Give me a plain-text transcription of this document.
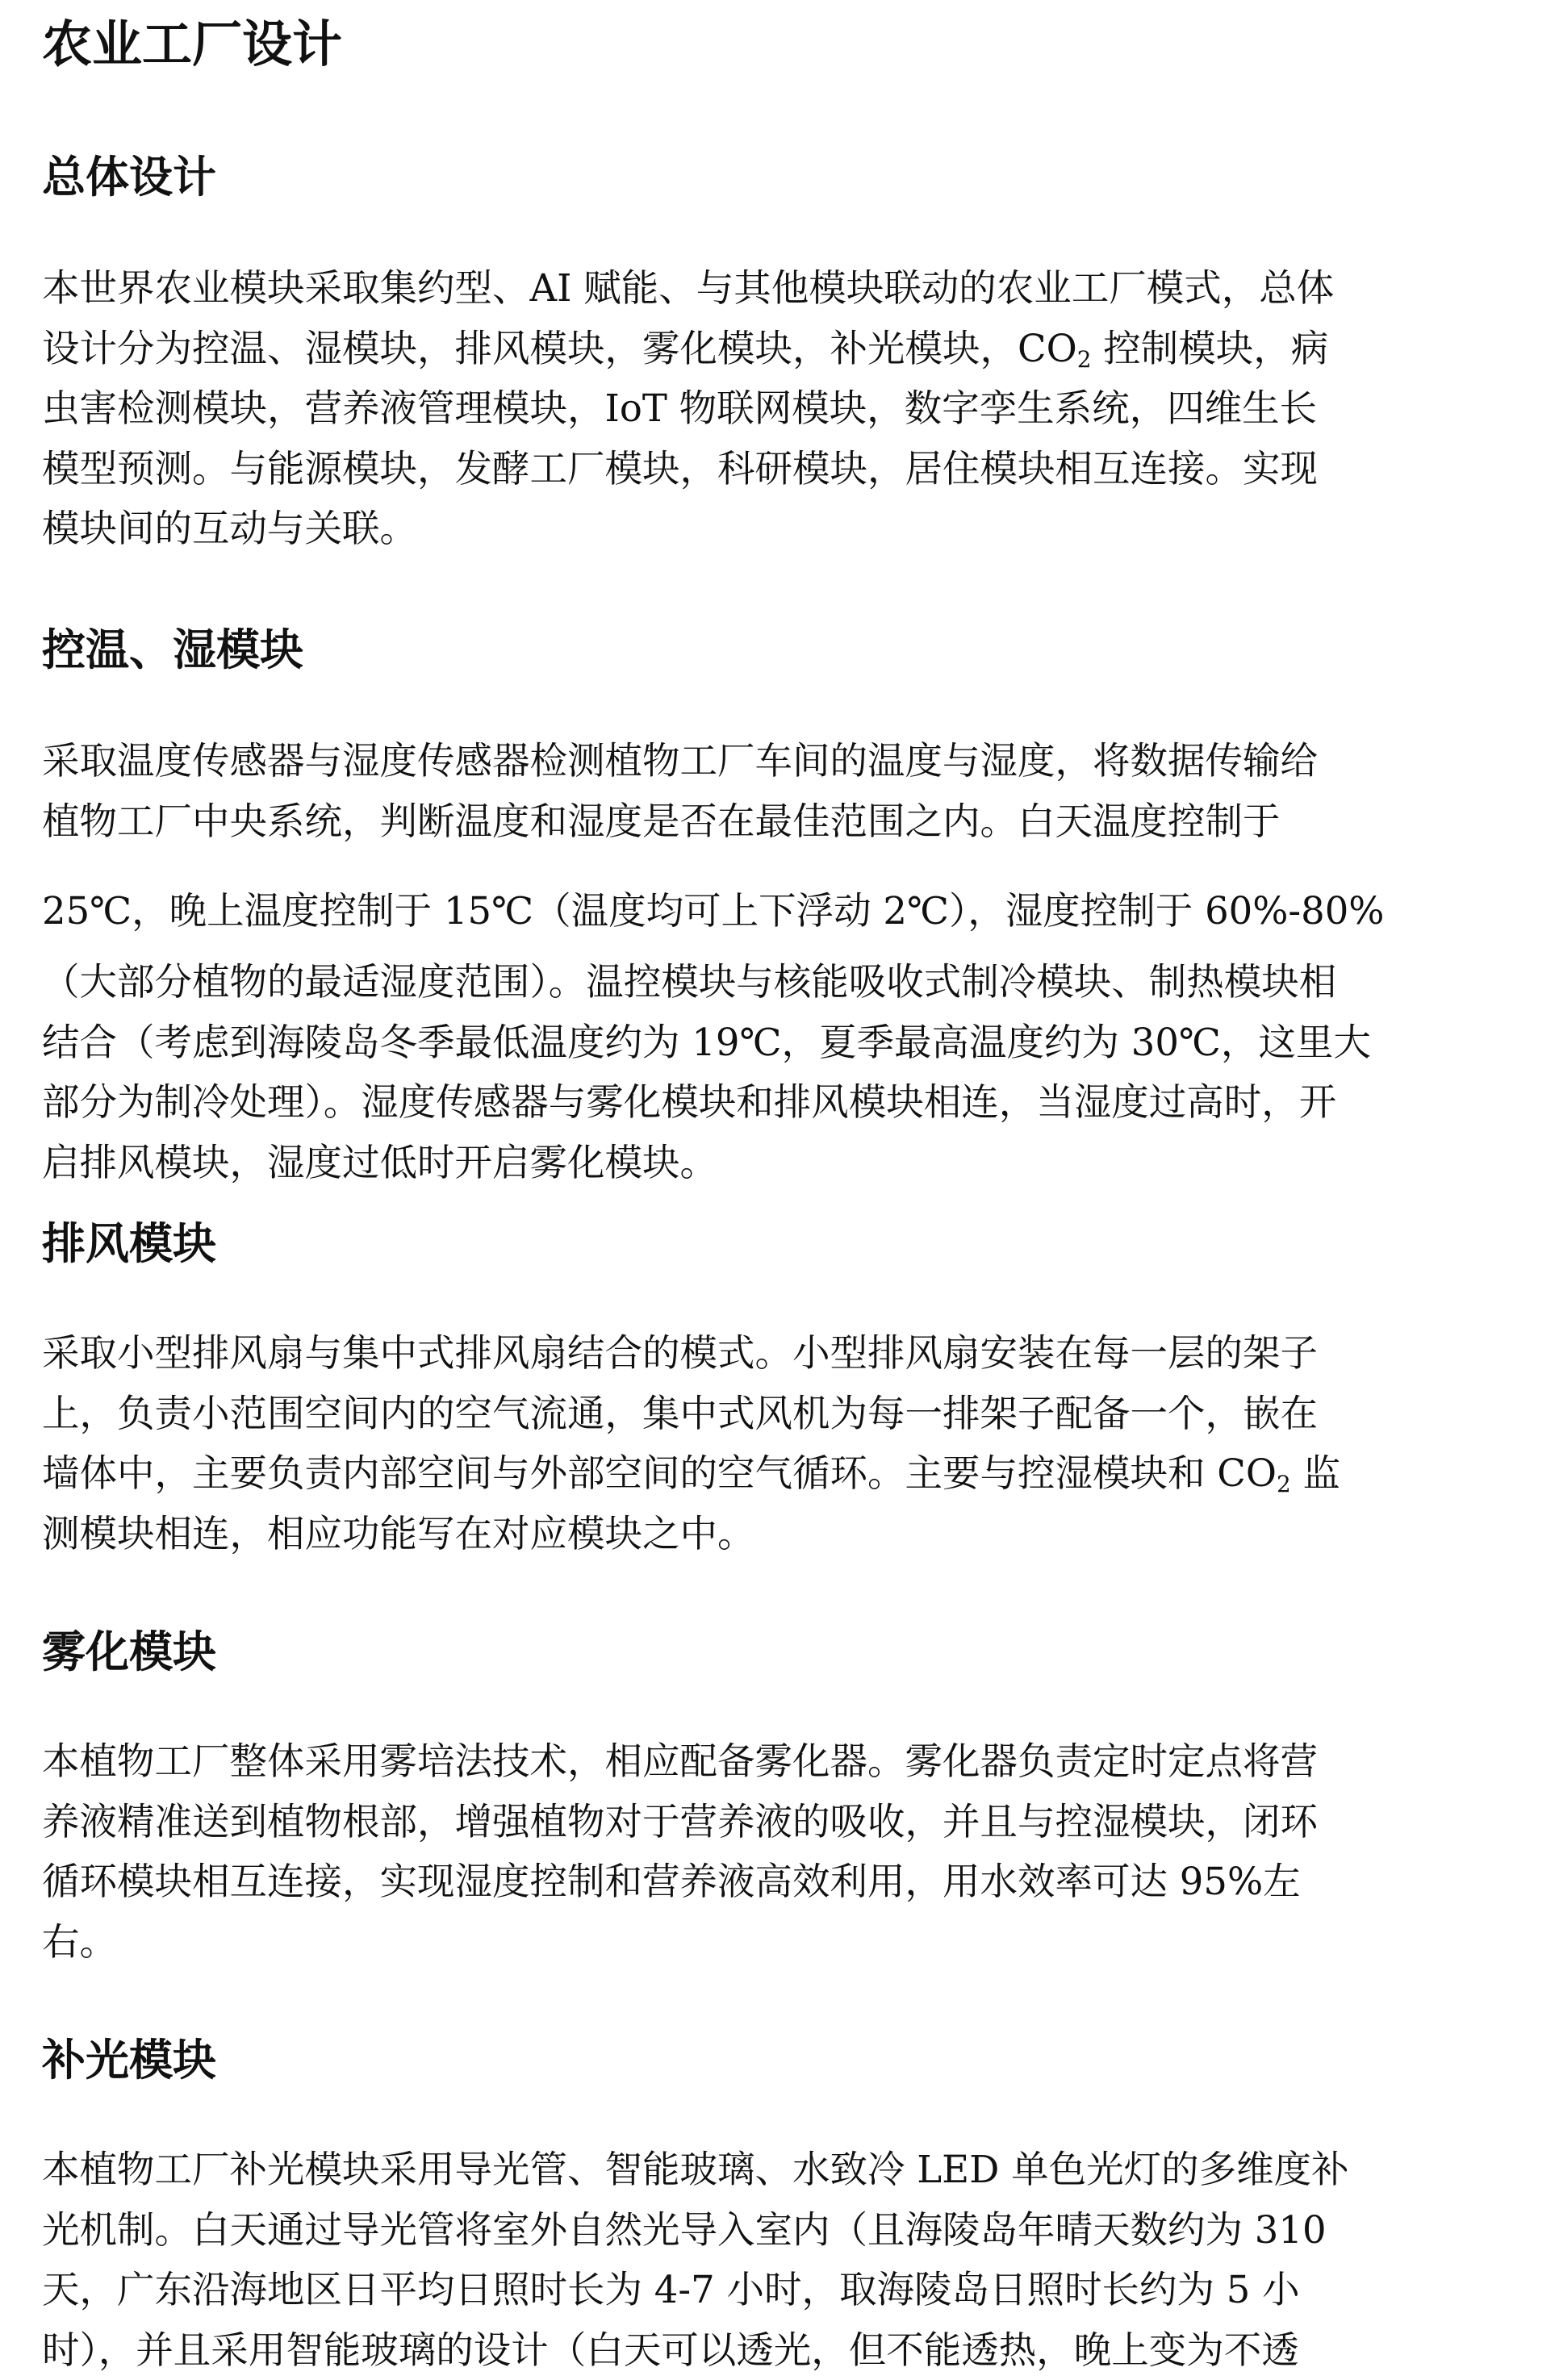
农业工厂设计
总体设计
本世界农业模块采取集约型、AI 赋能、与其他模块联动的农业工厂模式，总体
设计分为控温、湿模块，排风模块，雾化模块，补光模块，$CO_2$ 控制模块，病
虫害检测模块，营养液管理模块，IoT 物联网模块，数字孪生系统，四维生长
模型预测。与能源模块，发酵工厂模块，科研模块，居住模块相互连接。实现
模块间的互动与关联。
控温、湿模块
采取温度传感器与湿度传感器检测植物工厂车间的温度与湿度，将数据传输给
植物工厂中央系统，判断温度和湿度是否在最佳范围之内。白天温度控制于
25℃，晚上温度控制于 15℃（温度均可上下浮动 2℃），湿度控制于 60%-80%
（大部分植物的最适湿度范围）。温控模块与核能吸收式制冷模块、制热模块相
结合（考虑到海陵岛冬季最低温度约为 19℃，夏季最高温度约为 30℃，这里大
部分为制冷处理）。湿度传感器与雾化模块和排风模块相连，当湿度过高时，开
启排风模块，湿度过低时开启雾化模块。
排风模块
采取小型排风扇与集中式排风扇结合的模式。小型排风扇安装在每一层的架子
上，负责小范围空间内的空气流通，集中式风机为每一排架子配备一个，嵌在
墙体中，主要负责内部空间与外部空间的空气循环。主要与控湿模块和 $CO_2$ 监
测模块相连，相应功能写在对应模块之中。
雾化模块
本植物工厂整体采用雾培法技术，相应配备雾化器。雾化器负责定时定点将营
养液精准送到植物根部，增强植物对于营养液的吸收，并且与控湿模块，闭环
循环模块相互连接，实现湿度控制和营养液高效利用，用水效率可达 95%左
右。
补光模块
本植物工厂补光模块采用导光管、智能玻璃、水致冷 LED 单色光灯的多维度补
光机制。白天通过导光管将室外自然光导入室内（且海陵岛年晴天数约为 310
天，广东沿海地区日平均日照时长为 4-7 小时，取海陵岛日照时长约为 5 小
时），并且采用智能玻璃的设计（白天可以透光，但不能透热，晚上变为不透
